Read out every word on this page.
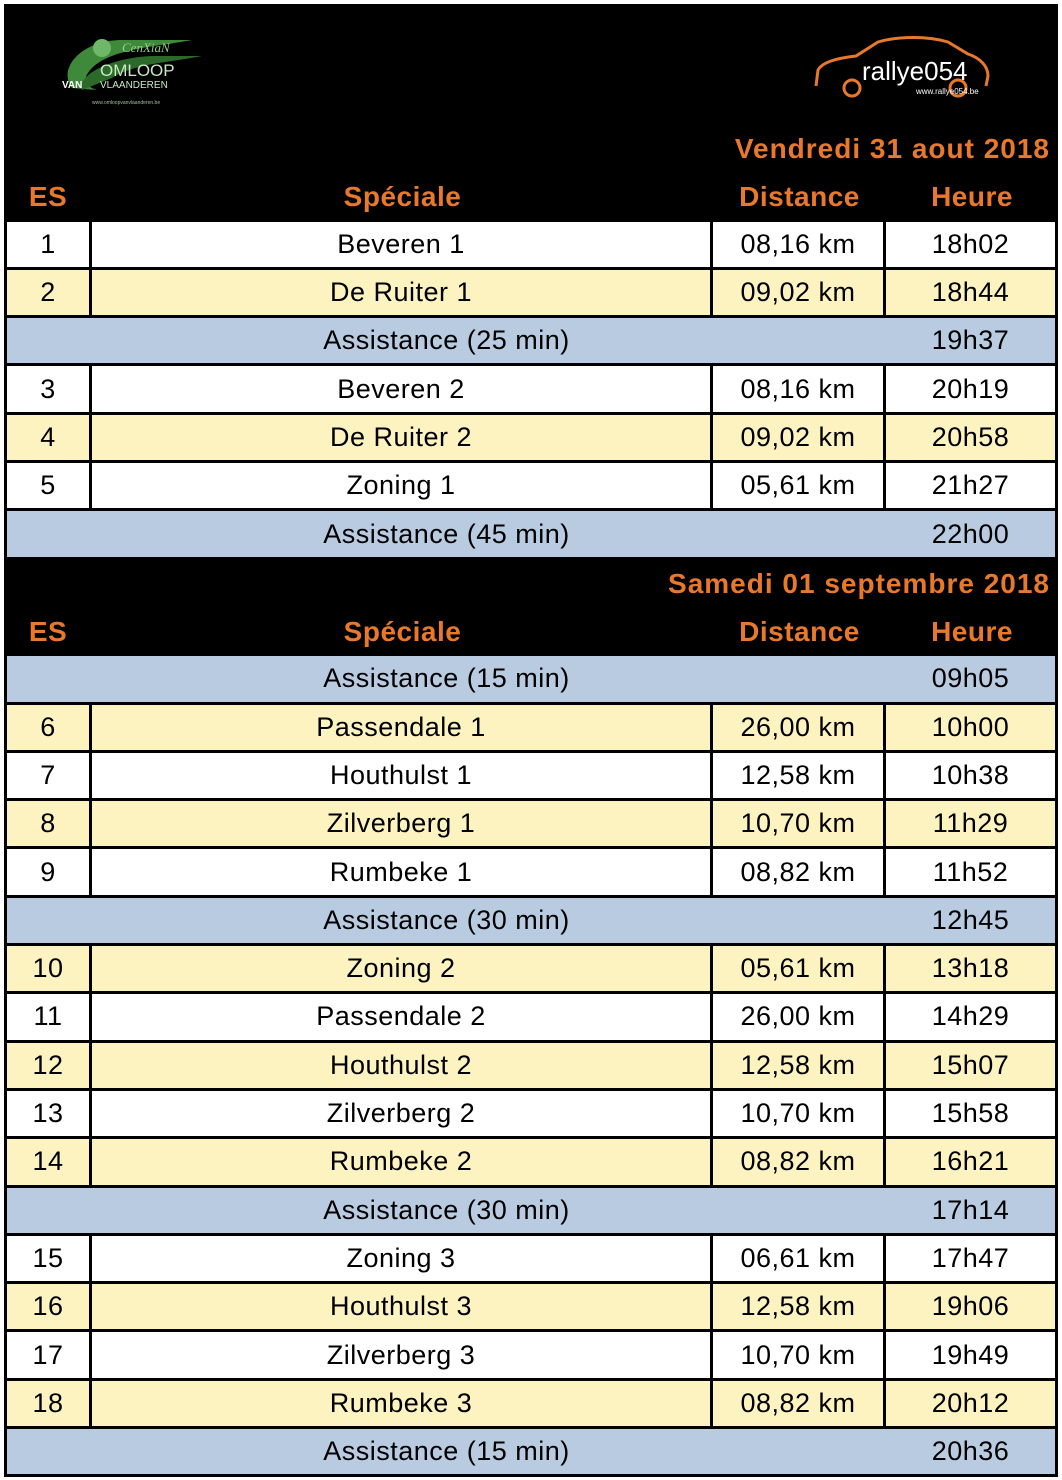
CenXiaN
OMLOOP
VAN VLAANDEREN
www.omloopvanvlaanderen.be
rallye054
www.rallye054.be
Vendredi 31 aout 2018
ES	Spéciale	Distance	Heure
1	Beveren 1	08,16 km	18h02
2	De Ruiter 1	09,02 km	18h44
Assistance (25 min)	19h37
3	Beveren 2	08,16 km	20h19
4	De Ruiter 2	09,02 km	20h58
5	Zoning 1	05,61 km	21h27
Assistance (45 min)	22h00
Samedi 01 septembre 2018
ES	Spéciale	Distance	Heure
Assistance (15 min)	09h05
6	Passendale 1	26,00 km	10h00
7	Houthulst 1	12,58 km	10h38
8	Zilverberg 1	10,70 km	11h29
9	Rumbeke 1	08,82 km	11h52
Assistance (30 min)	12h45
10	Zoning 2	05,61 km	13h18
11	Passendale 2	26,00 km	14h29
12	Houthulst 2	12,58 km	15h07
13	Zilverberg 2	10,70 km	15h58
14	Rumbeke 2	08,82 km	16h21
Assistance (30 min)	17h14
15	Zoning 3	06,61 km	17h47
16	Houthulst 3	12,58 km	19h06
17	Zilverberg 3	10,70 km	19h49
18	Rumbeke 3	08,82 km	20h12
Assistance (15 min)	20h36
